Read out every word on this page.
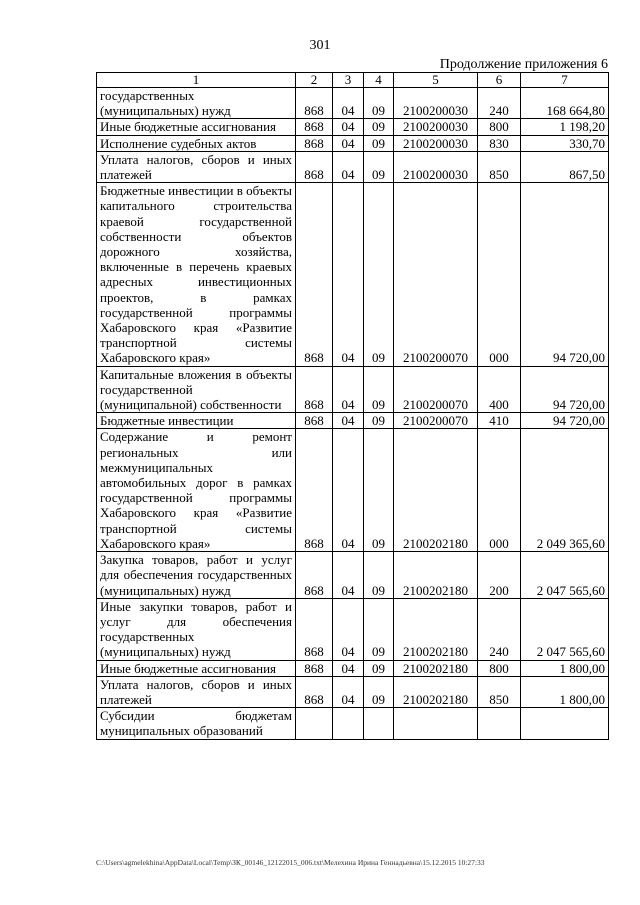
301
Продолжение приложения 6
1	2	3	4	5	6	7
государственных (муниципальных) нужд	868	04	09	2100200030	240	168 664,80
Иные бюджетные ассигнования	868	04	09	2100200030	800	1 198,20
Исполнение судебных актов	868	04	09	2100200030	830	330,70
Уплата налогов, сборов и иных платежей	868	04	09	2100200030	850	867,50
Бюджетные инвестиции в объекты капитального строительства краевой государственной собственности объектов дорожного хозяйства, включенные в перечень краевых адресных инвестиционных проектов, в рамках государственной программы Хабаровского края «Развитие транспортной системы Хабаровского края»	868	04	09	2100200070	000	94 720,00
Капитальные вложения в объекты государственной (муниципальной) собственности	868	04	09	2100200070	400	94 720,00
Бюджетные инвестиции	868	04	09	2100200070	410	94 720,00
Содержание и ремонт региональных или межмуниципальных автомобильных дорог в рамках государственной программы Хабаровского края «Развитие транспортной системы Хабаровского края»	868	04	09	2100202180	000	2 049 365,60
Закупка товаров, работ и услуг для обеспечения государственных (муниципальных) нужд	868	04	09	2100202180	200	2 047 565,60
Иные закупки товаров, работ и услуг для обеспечения государственных (муниципальных) нужд	868	04	09	2100202180	240	2 047 565,60
Иные бюджетные ассигнования	868	04	09	2100202180	800	1 800,00
Уплата налогов, сборов и иных платежей	868	04	09	2100202180	850	1 800,00
Субсидии бюджетам муниципальных образований						
C:\Users\agmelekhina\AppData\Local\Temp\ЗК_00146_12122015_006.txt\Мелехина Ирина Геннадьевна\15.12.2015 10:27:33
